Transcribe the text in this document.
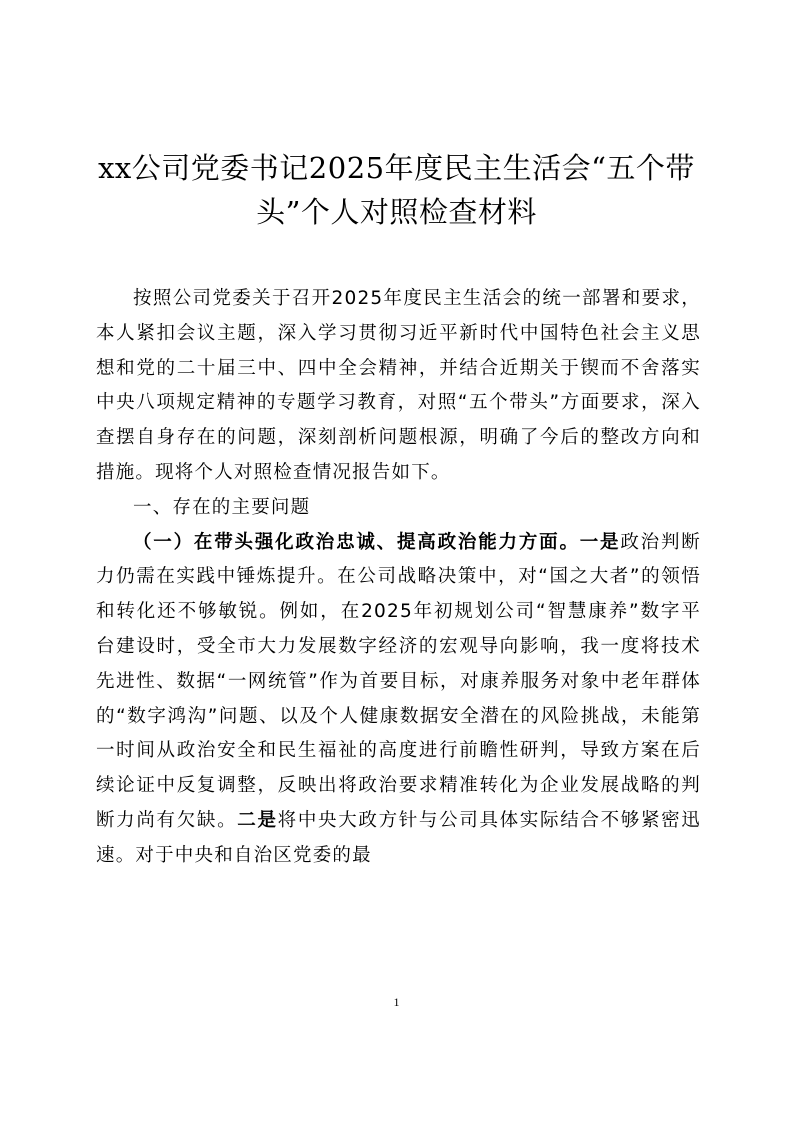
xx公司党委书记2025年度民主生活会“五个带头”个人对照检查材料

按照公司党委关于召开2025年度民主生活会的统一部署和要求，本人紧扣会议主题，深入学习贯彻习近平新时代中国特色社会主义思想和党的二十届三中、四中全会精神，并结合近期关于锲而不舍落实中央八项规定精神的专题学习教育，对照“五个带头”方面要求，深入查摆自身存在的问题，深刻剖析问题根源，明确了今后的整改方向和措施。现将个人对照检查情况报告如下。

一、存在的主要问题

（一）在带头强化政治忠诚、提高政治能力方面。一是政治判断力仍需在实践中锤炼提升。在公司战略决策中，对“国之大者”的领悟和转化还不够敏锐。例如，在2025年初规划公司“智慧康养”数字平台建设时，受全市大力发展数字经济的宏观导向影响，我一度将技术先进性、数据“一网统管”作为首要目标，对康养服务对象中老年群体的“数字鸿沟”问题、以及个人健康数据安全潜在的风险挑战，未能第一时间从政治安全和民生福祉的高度进行前瞻性研判，导致方案在后续论证中反复调整，反映出将政治要求精准转化为企业发展战略的判断力尚有欠缺。二是将中央大政方针与公司具体实际结合不够紧密迅速。对于中央和自治区党委的最

1
